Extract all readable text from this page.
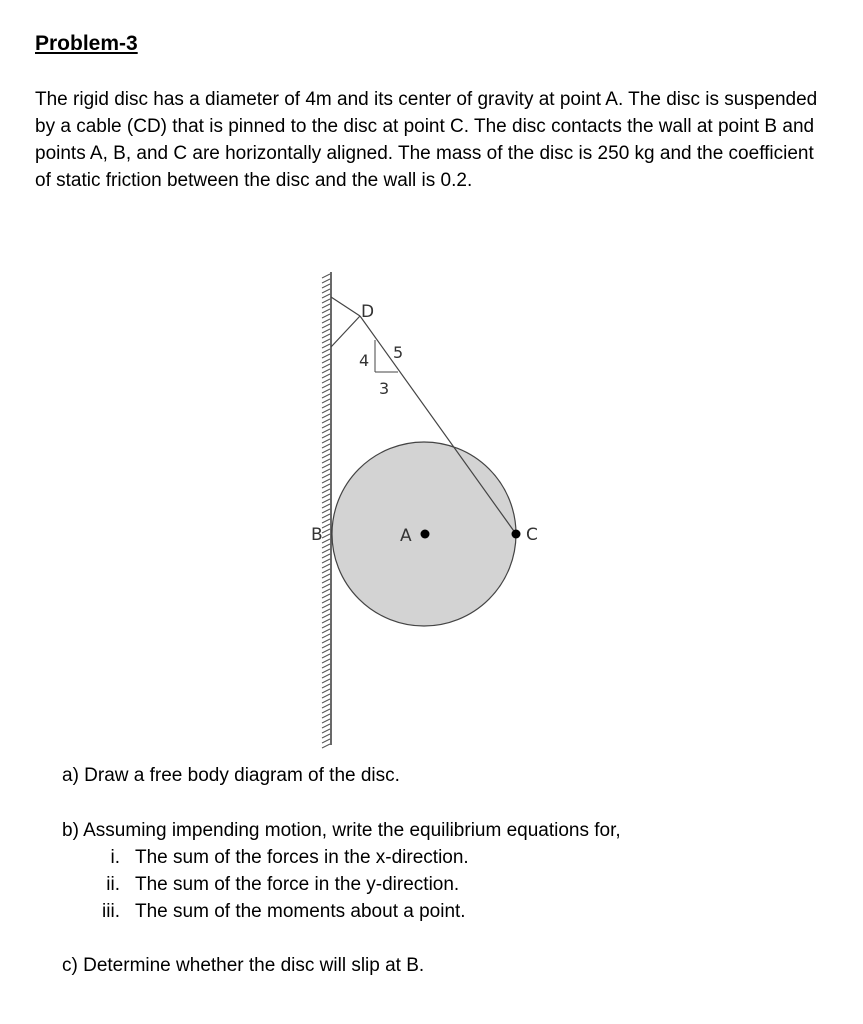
Problem-3

The rigid disc has a diameter of 4m and its center of gravity at point A. The disc is suspended by a cable (CD) that is pinned to the disc at point C. The disc contacts the wall at point B and points A, B, and C are horizontally aligned. The mass of the disc is 250 kg and the coefficient of static friction between the disc and the wall is 0.2.

D
4 5
3
B	A	C

a) Draw a free body diagram of the disc.

b) Assuming impending motion, write the equilibrium equations for,

i. The sum of the forces in the x-direction.
ii. The sum of the force in the y-direction.
iii. The sum of the moments about a point.

c) Determine whether the disc will slip at B.
